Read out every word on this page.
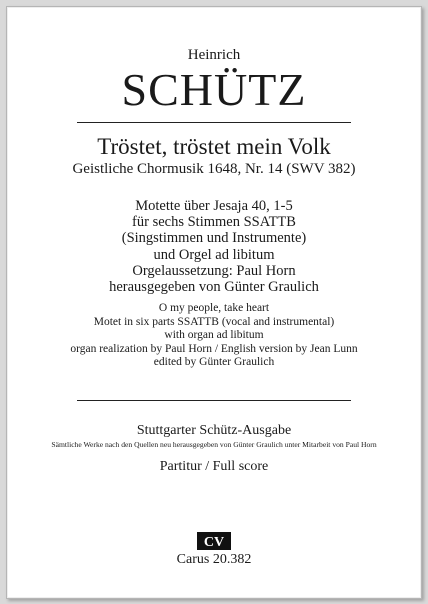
Heinrich
SCHÜTZ
Tröstet, tröstet mein Volk
Geistliche Chormusik 1648, Nr. 14 (SWV 382)
Motette über Jesaja 40, 1-5
für sechs Stimmen SSATTB
(Singstimmen und Instrumente)
und Orgel ad libitum
Orgelaussetzung: Paul Horn
herausgegeben von Günter Graulich
O my people, take heart
Motet in six parts SSATTB (vocal and instrumental)
with organ ad libitum
organ realization by Paul Horn / English version by Jean Lunn
edited by Günter Graulich
Stuttgarter Schütz-Ausgabe
Sämtliche Werke nach den Quellen neu herausgegeben von Günter Graulich unter Mitarbeit von Paul Horn
Partitur / Full score
CV
Carus 20.382
